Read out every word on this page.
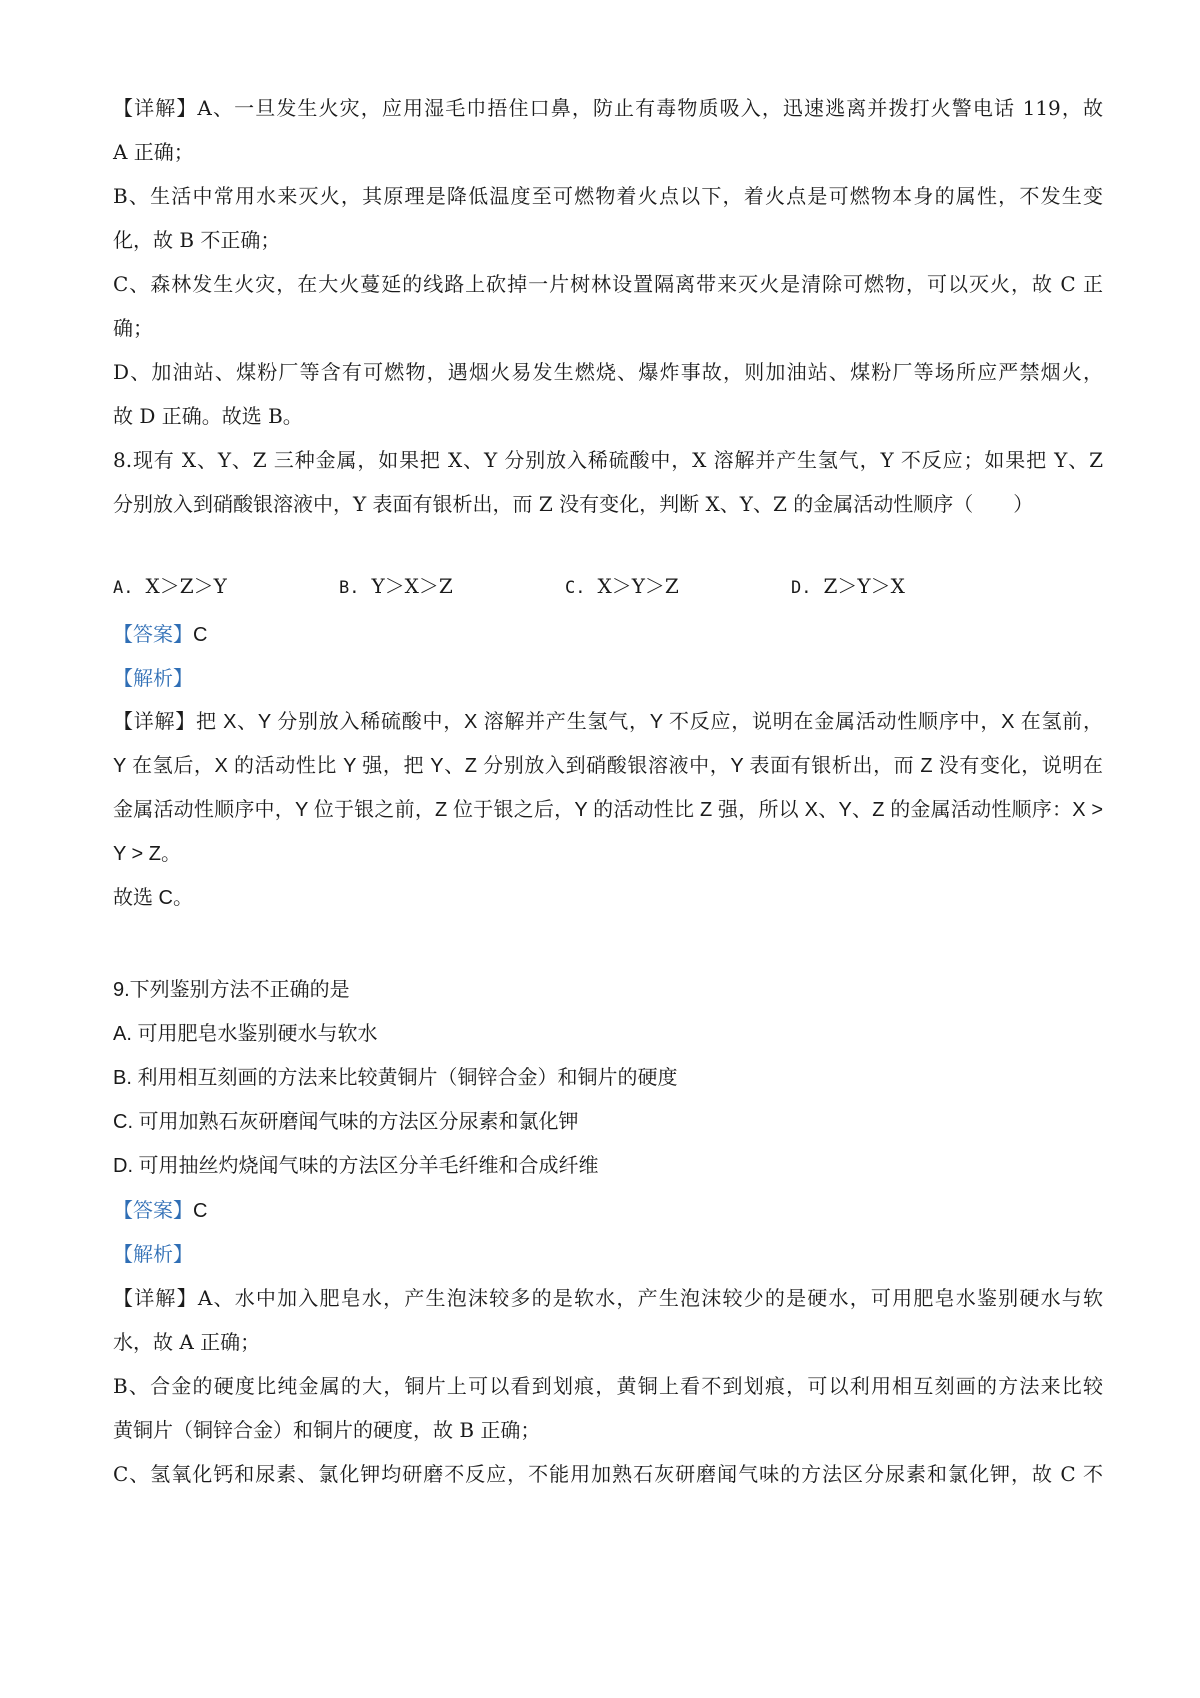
【详解】A、一旦发生火灾，应用湿毛巾捂住口鼻，防止有毒物质吸入，迅速逃离并拨打火警电话 119，故
A 正确；
B、生活中常用水来灭火，其原理是降低温度至可燃物着火点以下，着火点是可燃物本身的属性，不发生变
化，故 B 不正确；
C、森林发生火灾，在大火蔓延的线路上砍掉一片树林设置隔离带来灭火是清除可燃物，可以灭火，故 C 正
确；
D、加油站、煤粉厂等含有可燃物，遇烟火易发生燃烧、爆炸事故，则加油站、煤粉厂等场所应严禁烟火，
故 D 正确。故选 B。
8.现有 X、Y、Z 三种金属，如果把 X、Y 分别放入稀硫酸中，X 溶解并产生氢气，Y 不反应；如果把 Y、Z
分别放入到硝酸银溶液中，Y 表面有银析出，而 Z 没有变化，判断 X、Y、Z 的金属活动性顺序（　　）
A. X＞Z＞Y	B. Y＞X＞Z	C. X＞Y＞Z	D. Z＞Y＞X
【答案】C
【解析】
【详解】把 X、Y 分别放入稀硫酸中，X 溶解并产生氢气，Y 不反应，说明在金属活动性顺序中，X 在氢前，
Y 在氢后，X 的活动性比 Y 强，把 Y、Z 分别放入到硝酸银溶液中，Y 表面有银析出，而 Z 没有变化，说明在
金属活动性顺序中，Y 位于银之前，Z 位于银之后，Y 的活动性比 Z 强，所以 X、Y、Z 的金属活动性顺序：X >
Y > Z。
故选 C。
9.下列鉴别方法不正确的是
A. 可用肥皂水鉴别硬水与软水
B. 利用相互刻画的方法来比较黄铜片（铜锌合金）和铜片的硬度
C. 可用加熟石灰研磨闻气味的方法区分尿素和氯化钾
D. 可用抽丝灼烧闻气味的方法区分羊毛纤维和合成纤维
【答案】C
【解析】
【详解】A、水中加入肥皂水，产生泡沫较多的是软水，产生泡沫较少的是硬水，可用肥皂水鉴别硬水与软
水，故 A 正确；
B、合金的硬度比纯金属的大，铜片上可以看到划痕，黄铜上看不到划痕，可以利用相互刻画的方法来比较
黄铜片（铜锌合金）和铜片的硬度，故 B 正确；
C、氢氧化钙和尿素、氯化钾均研磨不反应，不能用加熟石灰研磨闻气味的方法区分尿素和氯化钾，故 C 不
